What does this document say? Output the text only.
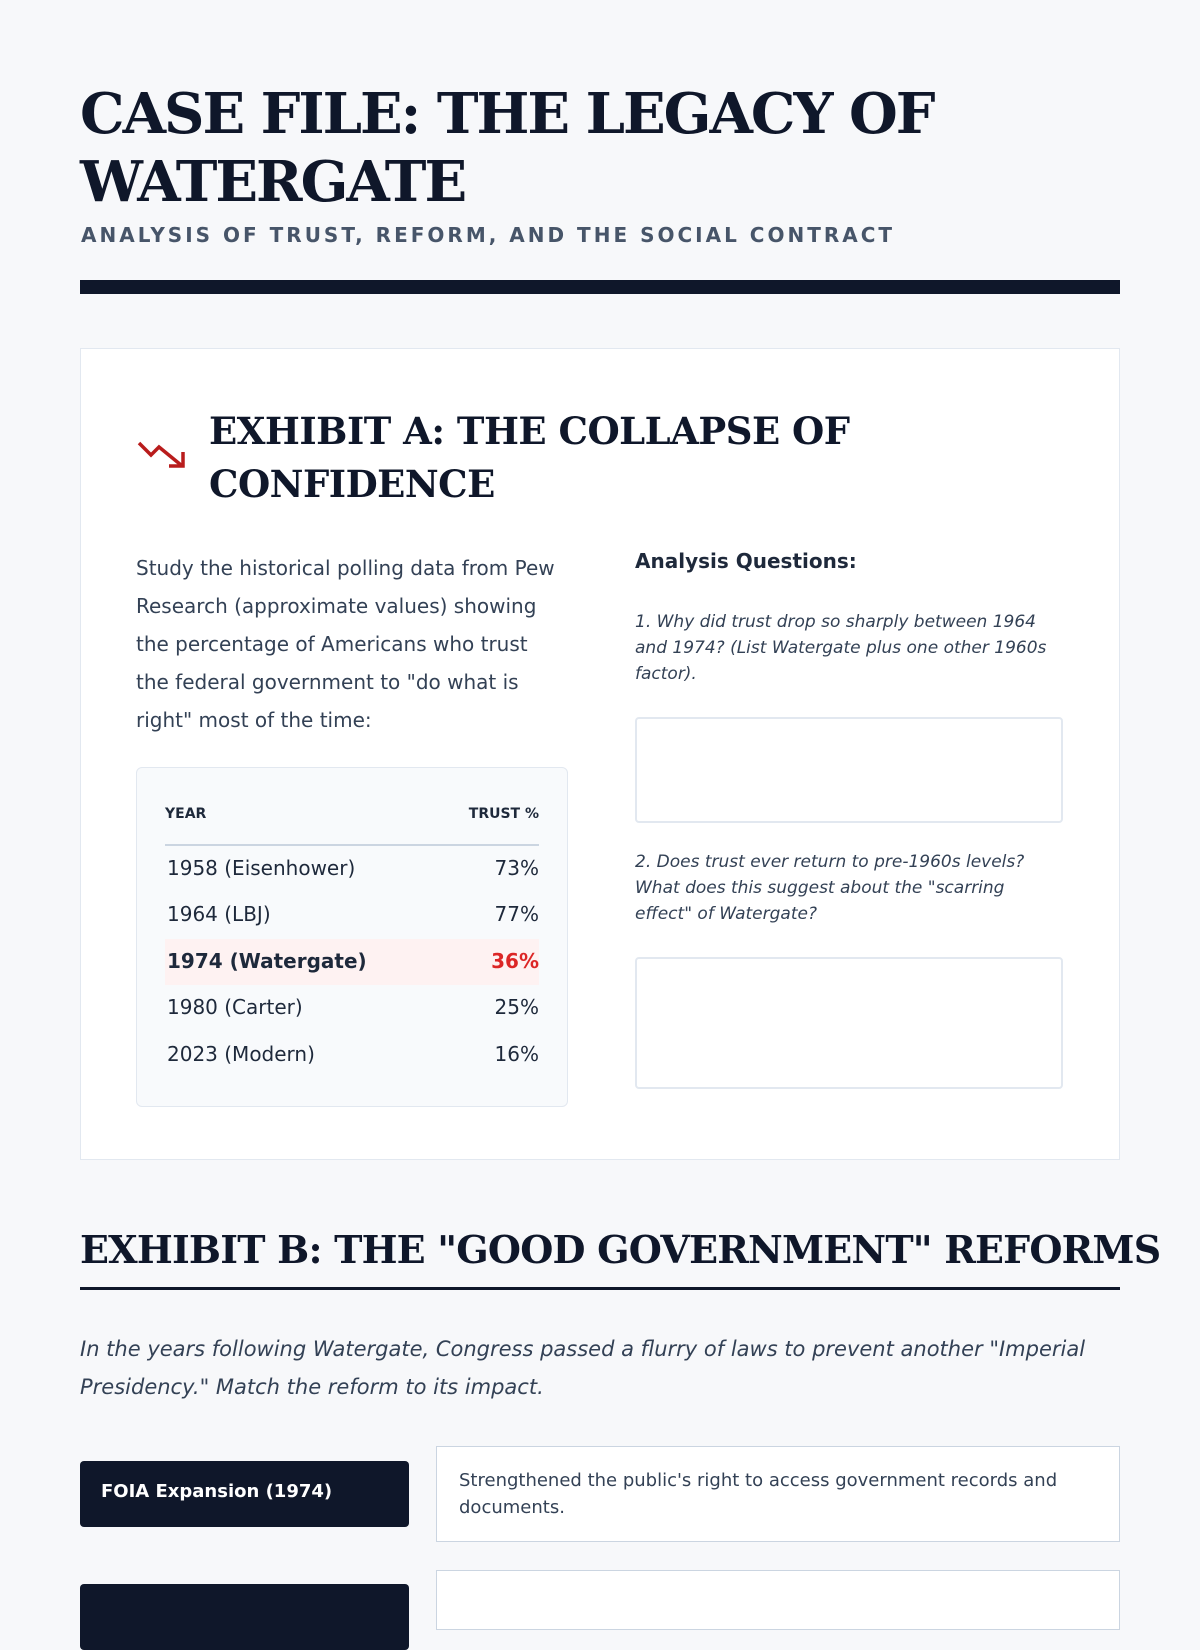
CASE FILE: THE LEGACY OF WATERGATE
ANALYSIS OF TRUST, REFORM, AND THE SOCIAL CONTRACT
EXHIBIT A: THE COLLAPSE OF CONFIDENCE
Study the historical polling data from Pew Research (approximate values) showing the percentage of Americans who trust the federal government to "do what is right" most of the time:
YEAR	TRUST %
1958 (Eisenhower)	73%
1964 (LBJ)	77%
1974 (Watergate)	36%
1980 (Carter)	25%
2023 (Modern)	16%
Analysis Questions:
1. Why did trust drop so sharply between 1964 and 1974? (List Watergate plus one other 1960s factor).
2. Does trust ever return to pre-1960s levels? What does this suggest about the "scarring effect" of Watergate?
EXHIBIT B: THE "GOOD GOVERNMENT" REFORMS
In the years following Watergate, Congress passed a flurry of laws to prevent another "Imperial Presidency." Match the reform to its impact.
FOIA Expansion (1974)
Strengthened the public's right to access government records and documents.
